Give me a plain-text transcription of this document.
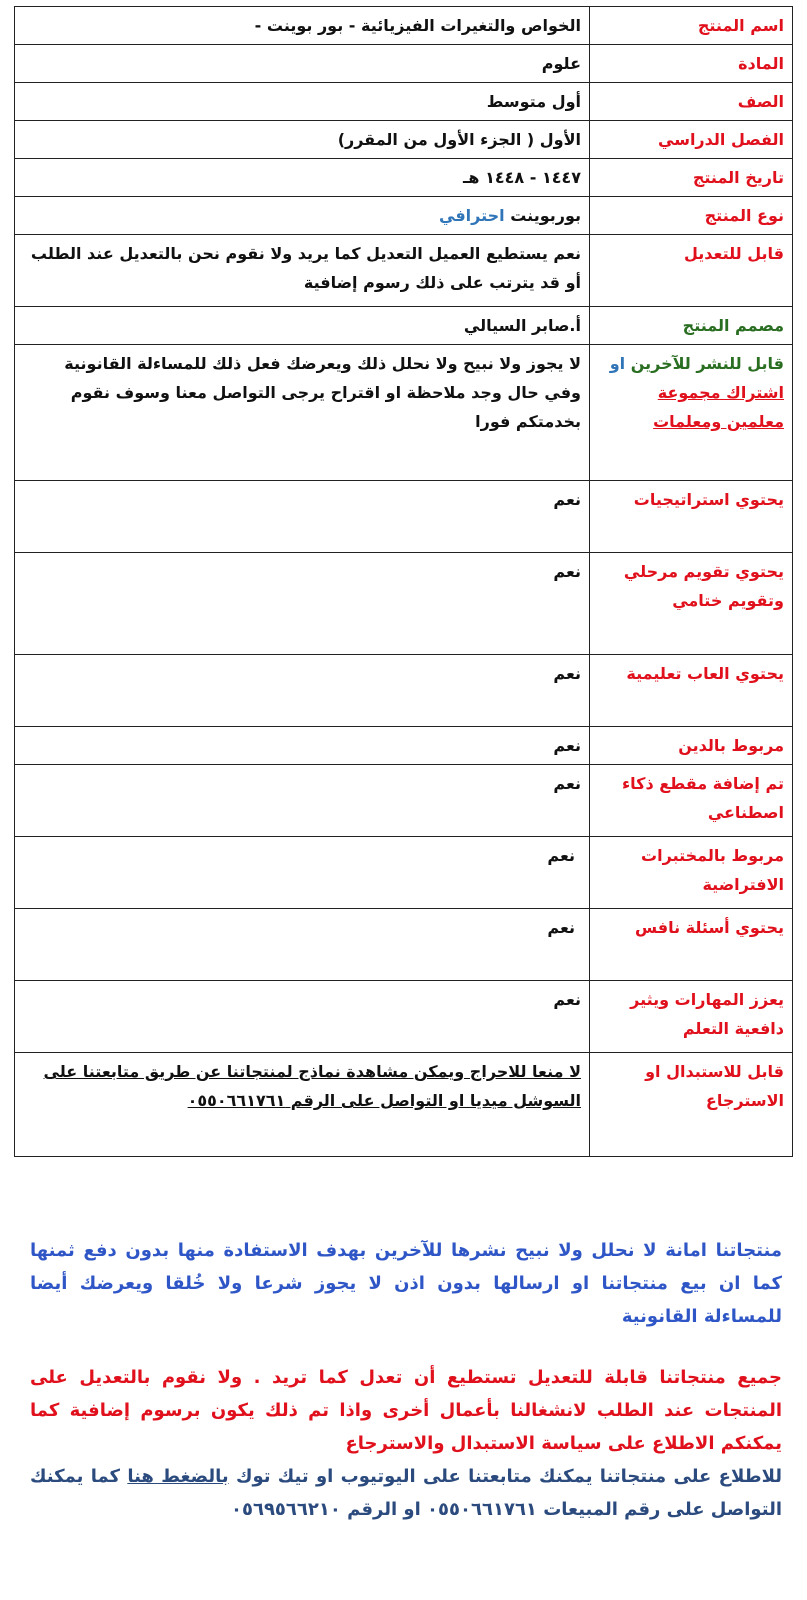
اسم المنتج	الخواص والتغيرات الفيزيائية - بور بوينت -
المادة	علوم
الصف	أول متوسط
الفصل الدراسي	الأول ( الجزء الأول من المقرر)
تاريخ المنتج	١٤٤٧ - ١٤٤٨ هـ
نوع المنتج	بوربوينت احترافي
قابل للتعديل	نعم يستطيع العميل التعديل كما يريد ولا نقوم نحن بالتعديل عند الطلب أو قد يترتب على ذلك رسوم إضافية
مصمم المنتج	أ.صابر السيالي
قابل للنشر للآخرين او اشتراك مجموعة معلمين ومعلمات	لا يجوز ولا نبيح ولا نحلل ذلك ويعرضك فعل ذلك للمساءلة القانونية وفي حال وجد ملاحظة او اقتراح يرجى التواصل معنا وسوف نقوم بخدمتكم فورا
يحتوي استراتيجيات	نعم
يحتوي تقويم مرحلي وتقويم ختامي	نعم
يحتوي العاب تعليمية	نعم
مربوط بالدين	نعم
تم إضافة مقطع ذكاء اصطناعي	نعم
مربوط بالمختبرات الافتراضية	نعم
يحتوي أسئلة نافس	نعم
يعزز المهارات ويثير دافعية التعلم	نعم
قابل للاستبدال او الاسترجاع	لا منعا للاحراج ويمكن مشاهدة نماذج لمنتجاتنا عن طريق متابعتنا على السوشل ميديا او التواصل على الرقم ٠٥٥٠٦٦١٧٦١
منتجاتنا امانة لا نحلل ولا نبيح نشرها للآخرين بهدف الاستفادة منها بدون دفع ثمنها كما ان بيع منتجاتنا او ارسالها بدون اذن لا يجوز شرعا ولا خُلقا ويعرضك أيضا للمساءلة القانونية
جميع منتجاتنا قابلة للتعديل تستطيع أن تعدل كما تريد . ولا نقوم بالتعديل على المنتجات عند الطلب لانشغالنا بأعمال أخرى واذا تم ذلك يكون برسوم إضافية كما يمكنكم الاطلاع على سياسة الاستبدال والاسترجاع
للاطلاع على منتجاتنا يمكنك متابعتنا على اليوتيوب او تيك توك بالضغط هنا كما يمكنك التواصل على رقم المبيعات ٠٥٥٠٦٦١٧٦١ او الرقم ٠٥٦٩٥٦٦٢١٠
